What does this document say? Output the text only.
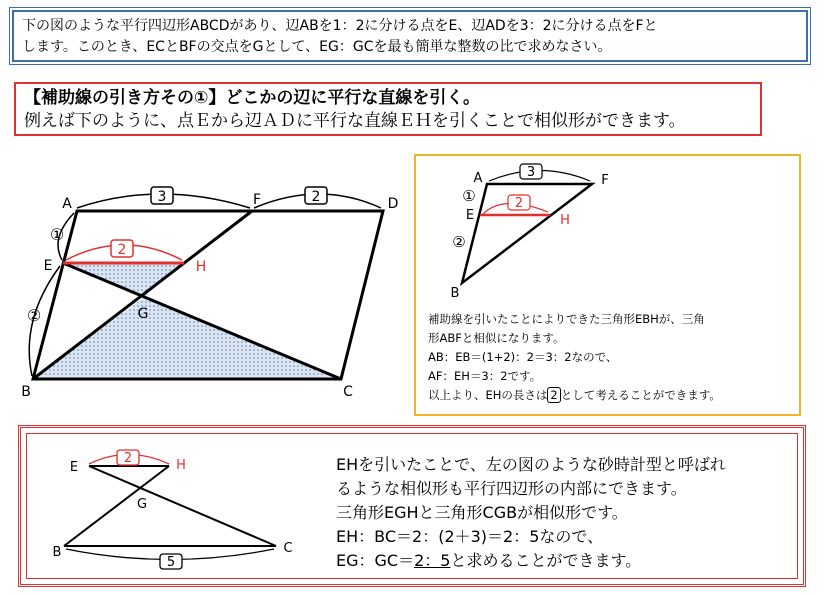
下の図のような平行四辺形ABCDがあり、辺ABを1：2に分ける点をE、辺ADを3：2に分ける点をFと
します。このとき、ECとBFの交点をGとして、EG：GCを最も簡単な整数の比で求めなさい。
【補助線の引き方その①】どこかの辺に平行な直線を引く。
例えば下のように、点Ｅから辺ＡＤに平行な直線ＥＨを引くことで相似形ができます。
3	2
2
①
②
A	F	D
E	H
G
B	C
3
2
①
②
A	F
E	H
B
2
5
E	H
G
B	C
補助線を引いたことによりできた三角形EBHが、三角
形ABFと相似になります。
AB：EB＝(1+2)：2＝3：2なので、
AF：EH＝3：2です。
以上より、EHの長さは 2 として考えることができます。
EHを引いたことで、左の図のような砂時計型と呼ばれ
るような相似形も平行四辺形の内部にできます。
三角形EGHと三角形CGBが相似形です。
EH：BC＝2：(2＋3)＝2：5なので、
EG：GC＝2：5と求めることができます。
